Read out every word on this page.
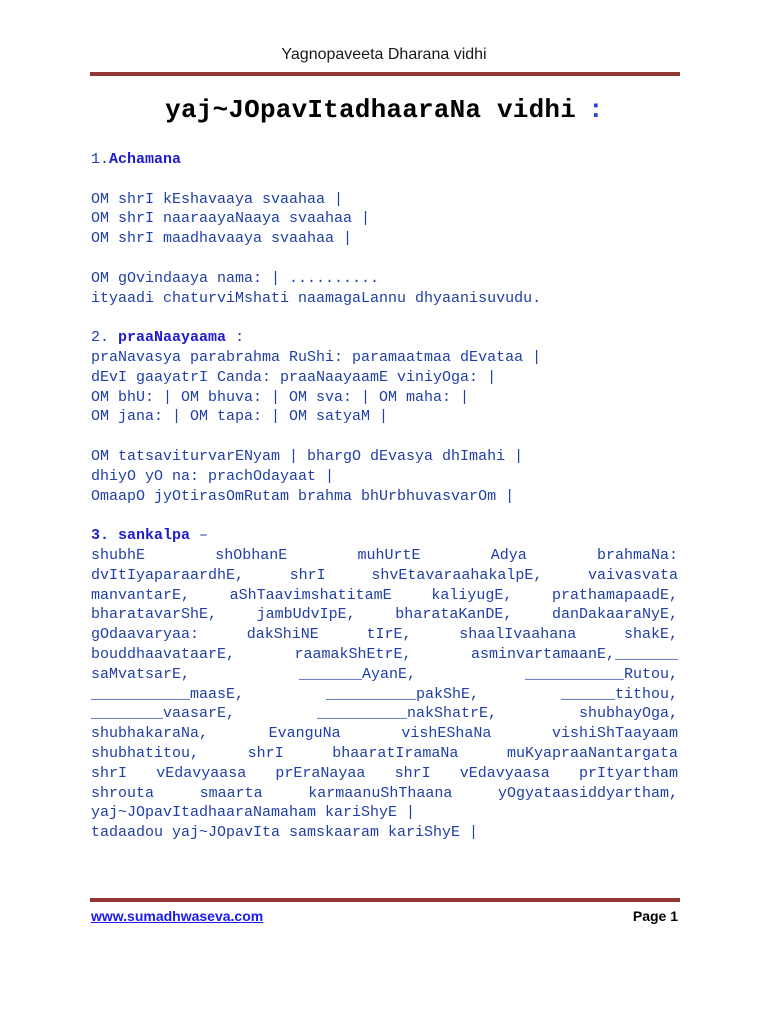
Yagnopaveeta Dharana vidhi
yaj~JOpavItadhaaraNa vidhi :
1.Achamana
OM shrI kEshavaaya svaahaa |
OM shrI naaraayaNaaya svaahaa |
OM shrI maadhavaaya svaahaa |
OM gOvindaaya nama: | ..........
ityaadi chaturviMshati naamagaLannu dhyaanisuvudu.
2. praaNaayaama :
praNavasya parabrahma RuShi: paramaatmaa dEvataa |
dEvI gaayatrI Canda: praaNaayaamE viniyOga: |
OM bhU: | OM bhuva: | OM sva: | OM maha: |
OM jana: | OM tapa: | OM satyaM |
OM tatsaviturvarENyam | bhargO dEvasya dhImahi |
dhiyO yO na: prachOdayaat |
OmaapO jyOtirasOmRutam brahma bhUrbhuvasvarOm |
3. sankalpa –
shubhE shObhanE muhUrtE Adya brahmaNa:
dvItIyaparaardhE, shrI shvEtavaraahakalpE, vaivasvata
manvantarE, aShTaavimshatitamE kaliyugE, prathamapaadE,
bharatavarShE, jambUdvIpE, bharataKanDE, danDakaaraNyE,
gOdaavaryaa: dakShiNE tIrE, shaalIvaahana shakE,
bouddhaavataarE, raamakShEtrE, asminvartamaanE,_______
saMvatsarE, _______AyanE, ___________Rutou,
___________maasE, __________pakShE, ______tithou,
________vaasarE, __________nakShatrE, shubhayOga,
shubhakaraNa, EvanguNa vishEShaNa vishiShTaayaam
shubhatitou, shrI bhaaratIramaNa muKyapraaNantargata
shrI vEdavyaasa prEraNayaa shrI vEdavyaasa prItyartham
shrouta smaarta karmaanuShThaana yOgyataasiddyartham,
yaj~JOpavItadhaaraNamaham kariShyE |
tadaadou yaj~JOpavIta samskaaram kariShyE |
www.sumadhwaseva.com	Page 1
